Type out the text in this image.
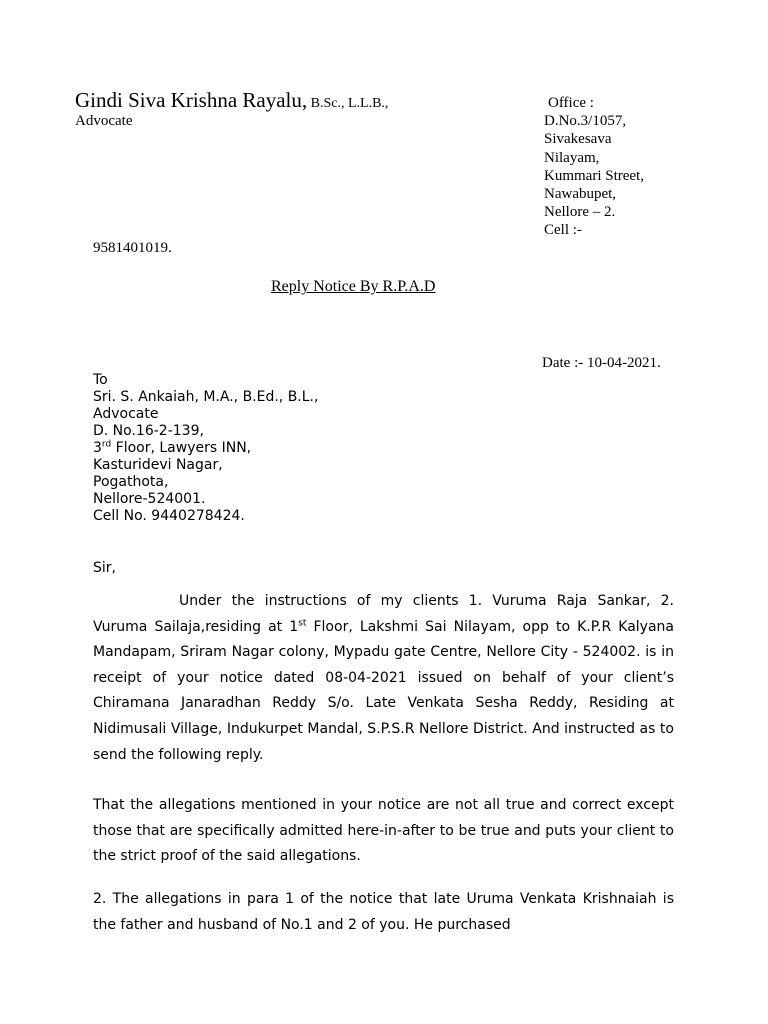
Gindi Siva Krishna Rayalu, B.Sc., L.L.B.,
Advocate
Office :
D.No.3/1057,
Sivakesava
Nilayam,
Kummari Street,
Nawabupet,
Nellore – 2.
Cell :-
9581401019.
Reply Notice By R.P.A.D
Date :- 10-04-2021.
To
Sri. S. Ankaiah, M.A., B.Ed., B.L.,
Advocate
D. No.16-2-139,
3rd Floor, Lawyers INN,
Kasturidevi Nagar,
Pogathota,
Nellore-524001.
Cell No. 9440278424.
Sir,
Under the instructions of my clients 1. Vuruma Raja Sankar, 2. Vuruma Sailaja,residing at 1st Floor, Lakshmi Sai Nilayam, opp to K.P.R Kalyana Mandapam, Sriram Nagar colony, Mypadu gate Centre, Nellore City - 524002. is in receipt of your notice dated 08-04-2021 issued on behalf of your client’s Chiramana Janaradhan Reddy S/o. Late Venkata Sesha Reddy, Residing at Nidimusali Village, Indukurpet Mandal, S.P.S.R Nellore District. And instructed as to send the following reply.
That the allegations mentioned in your notice are not all true and correct except those that are specifically admitted here-in-after to be true and puts your client to the strict proof of the said allegations.
2. The allegations in para 1 of the notice that late Uruma Venkata Krishnaiah is the father and husband of No.1 and 2 of you. He purchased
